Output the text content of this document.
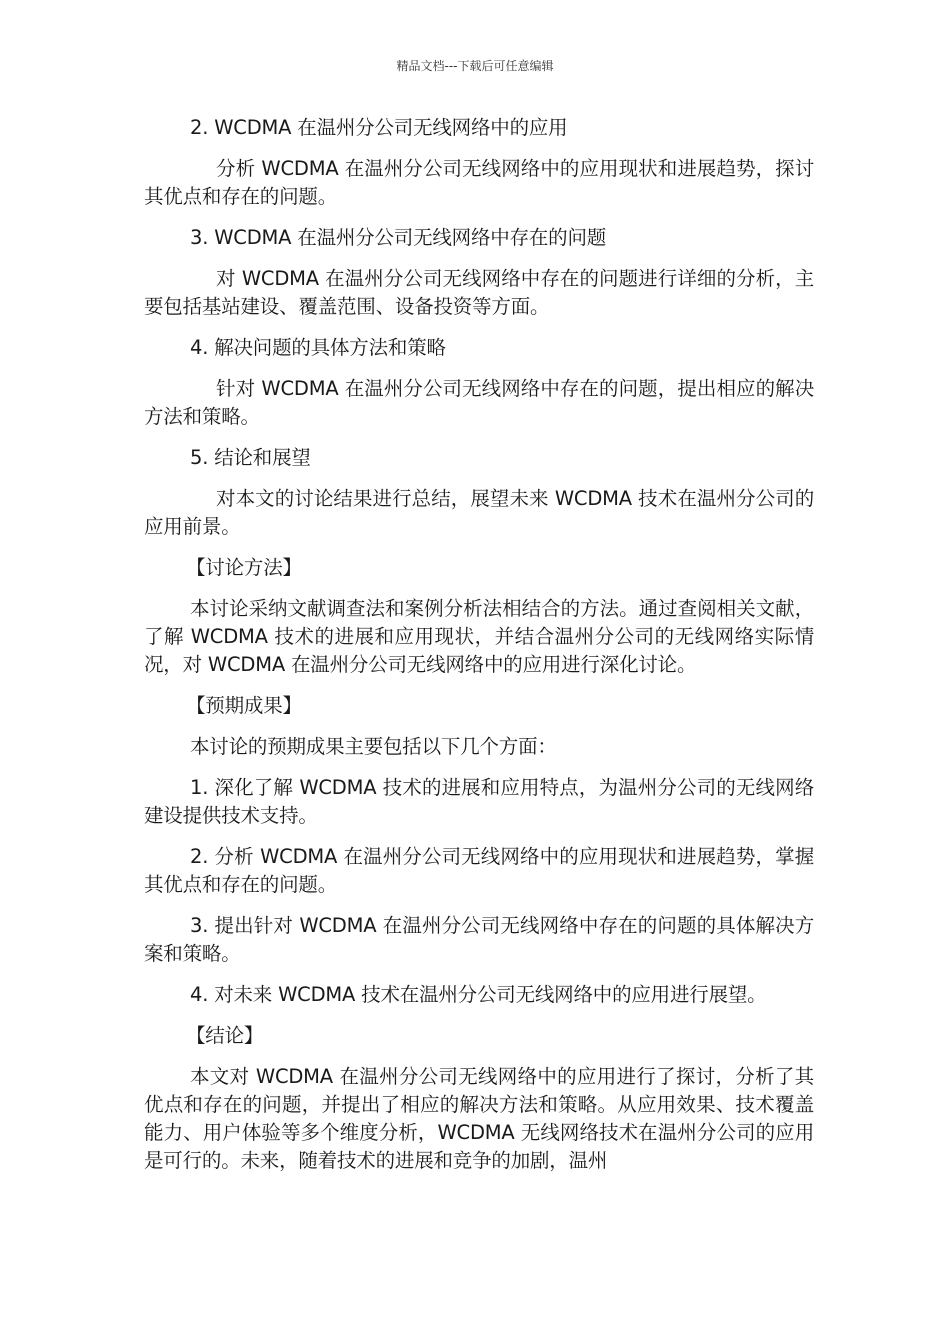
精品文档---下载后可任意编辑

2. WCDMA 在温州分公司无线网络中的应用

分析 WCDMA 在温州分公司无线网络中的应用现状和进展趋势，探讨其优点和存在的问题。

3. WCDMA 在温州分公司无线网络中存在的问题

对 WCDMA 在温州分公司无线网络中存在的问题进行详细的分析，主要包括基站建设、覆盖范围、设备投资等方面。

4. 解决问题的具体方法和策略

针对 WCDMA 在温州分公司无线网络中存在的问题，提出相应的解决方法和策略。

5. 结论和展望

对本文的讨论结果进行总结，展望未来 WCDMA 技术在温州分公司的应用前景。

【讨论方法】

本讨论采纳文献调查法和案例分析法相结合的方法。通过查阅相关文献，了解 WCDMA 技术的进展和应用现状，并结合温州分公司的无线网络实际情况，对 WCDMA 在温州分公司无线网络中的应用进行深化讨论。

【预期成果】

本讨论的预期成果主要包括以下几个方面：

1. 深化了解 WCDMA 技术的进展和应用特点，为温州分公司的无线网络建设提供技术支持。

2. 分析 WCDMA 在温州分公司无线网络中的应用现状和进展趋势，掌握其优点和存在的问题。

3. 提出针对 WCDMA 在温州分公司无线网络中存在的问题的具体解决方案和策略。

4. 对未来 WCDMA 技术在温州分公司无线网络中的应用进行展望。

【结论】

本文对 WCDMA 在温州分公司无线网络中的应用进行了探讨，分析了其优点和存在的问题，并提出了相应的解决方法和策略。从应用效果、技术覆盖能力、用户体验等多个维度分析，WCDMA 无线网络技术在温州分公司的应用是可行的。未来，随着技术的进展和竞争的加剧，温州
